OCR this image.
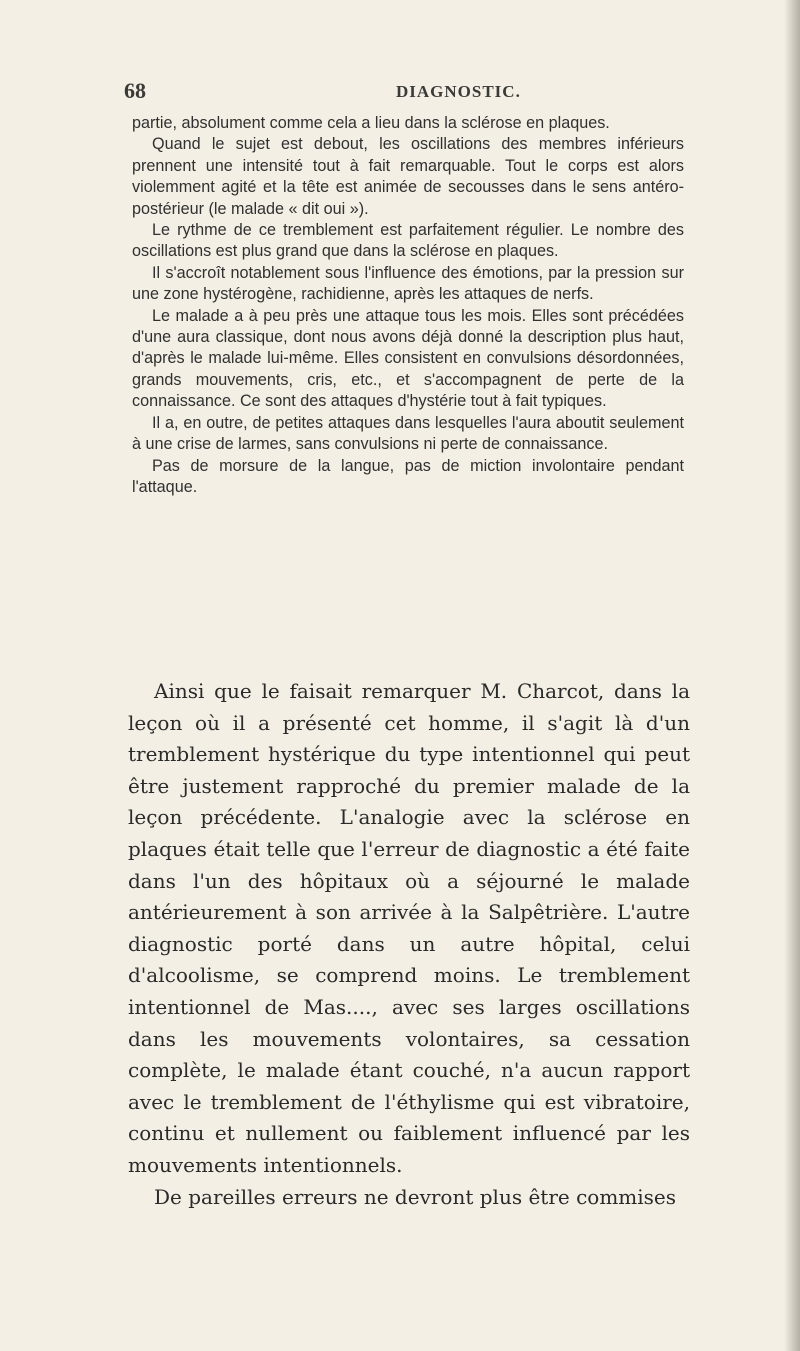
68	DIAGNOSTIC.

partie, absolument comme cela a lieu dans la sclérose en plaques.

Quand le sujet est debout, les oscillations des membres inférieurs prennent une intensité tout à fait remarquable. Tout le corps est alors violemment agité et la tête est animée de secousses dans le sens antéro-postérieur (le malade « dit oui »).

Le rythme de ce tremblement est parfaitement régulier. Le nombre des oscillations est plus grand que dans la sclérose en plaques.

Il s'accroît notablement sous l'influence des émotions, par la pression sur une zone hystérogène, rachidienne, après les attaques de nerfs.

Le malade a à peu près une attaque tous les mois. Elles sont précédées d'une aura classique, dont nous avons déjà donné la description plus haut, d'après le malade lui-même. Elles consistent en convulsions désordonnées, grands mouvements, cris, etc., et s'accompagnent de perte de la connaissance. Ce sont des attaques d'hystérie tout à fait typiques.

Il a, en outre, de petites attaques dans lesquelles l'aura aboutit seulement à une crise de larmes, sans convulsions ni perte de connaissance.

Pas de morsure de la langue, pas de miction involontaire pendant l'attaque.

Ainsi que le faisait remarquer M. Charcot, dans la leçon où il a présenté cet homme, il s'agit là d'un tremblement hystérique du type intentionnel qui peut être justement rapproché du premier malade de la leçon précédente. L'analogie avec la sclérose en plaques était telle que l'erreur de diagnostic a été faite dans l'un des hôpitaux où a séjourné le malade antérieurement à son arrivée à la Salpêtrière. L'autre diagnostic porté dans un autre hôpital, celui d'alcoolisme, se comprend moins. Le tremblement intentionnel de Mas...., avec ses larges oscillations dans les mouvements volontaires, sa cessation complète, le malade étant couché, n'a aucun rapport avec le tremblement de l'éthylisme qui est vibratoire, continu et nullement ou faiblement influencé par les mouvements intentionnels.

De pareilles erreurs ne devront plus être commises
